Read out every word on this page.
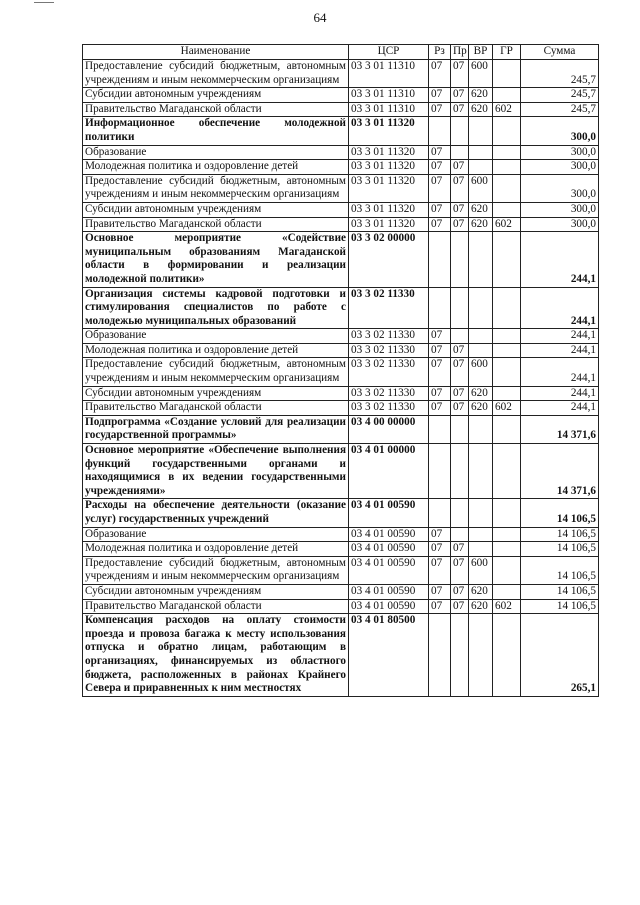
64
Наименование	ЦСР	Рз	Пр	ВР	ГР	Сумма
Предоставление субсидий бюджетным, автономным учреждениям и иным некоммерческим организациям	03 3 01 11310	07	07	600		245,7
Субсидии автономным учреждениям	03 3 01 11310	07	07	620		245,7
Правительство Магаданской области	03 3 01 11310	07	07	620	602	245,7
Информационное обеспечение молодежной политики	03 3 01 11320					300,0
Образование	03 3 01 11320	07				300,0
Молодежная политика и оздоровление детей	03 3 01 11320	07	07			300,0
Предоставление субсидий бюджетным, автономным учреждениям и иным некоммерческим организациям	03 3 01 11320	07	07	600		300,0
Субсидии автономным учреждениям	03 3 01 11320	07	07	620		300,0
Правительство Магаданской области	03 3 01 11320	07	07	620	602	300,0
Основное мероприятие «Содействие муниципальным образованиям Магаданской области в формировании и реализации молодежной политики»	03 3 02 00000					244,1
Организация системы кадровой подготовки и стимулирования специалистов по работе с молодежью муниципальных образований	03 3 02 11330					244,1
Образование	03 3 02 11330	07				244,1
Молодежная политика и оздоровление детей	03 3 02 11330	07	07			244,1
Предоставление субсидий бюджетным, автономным учреждениям и иным некоммерческим организациям	03 3 02 11330	07	07	600		244,1
Субсидии автономным учреждениям	03 3 02 11330	07	07	620		244,1
Правительство Магаданской области	03 3 02 11330	07	07	620	602	244,1
Подпрограмма «Создание условий для реализации государственной программы»	03 4 00 00000					14 371,6
Основное мероприятие «Обеспечение выполнения функций государственными органами и находящимися в их ведении государственными учреждениями»	03 4 01 00000					14 371,6
Расходы на обеспечение деятельности (оказание услуг) государственных учреждений	03 4 01 00590					14 106,5
Образование	03 4 01 00590	07				14 106,5
Молодежная политика и оздоровление детей	03 4 01 00590	07	07			14 106,5
Предоставление субсидий бюджетным, автономным учреждениям и иным некоммерческим организациям	03 4 01 00590	07	07	600		14 106,5
Субсидии автономным учреждениям	03 4 01 00590	07	07	620		14 106,5
Правительство Магаданской области	03 4 01 00590	07	07	620	602	14 106,5
Компенсация расходов на оплату стоимости проезда и провоза багажа к месту использования отпуска и обратно лицам, работающим в организациях, финансируемых из областного бюджета, расположенных в районах Крайнего Севера и приравненных к ним местностях	03 4 01 80500					265,1
